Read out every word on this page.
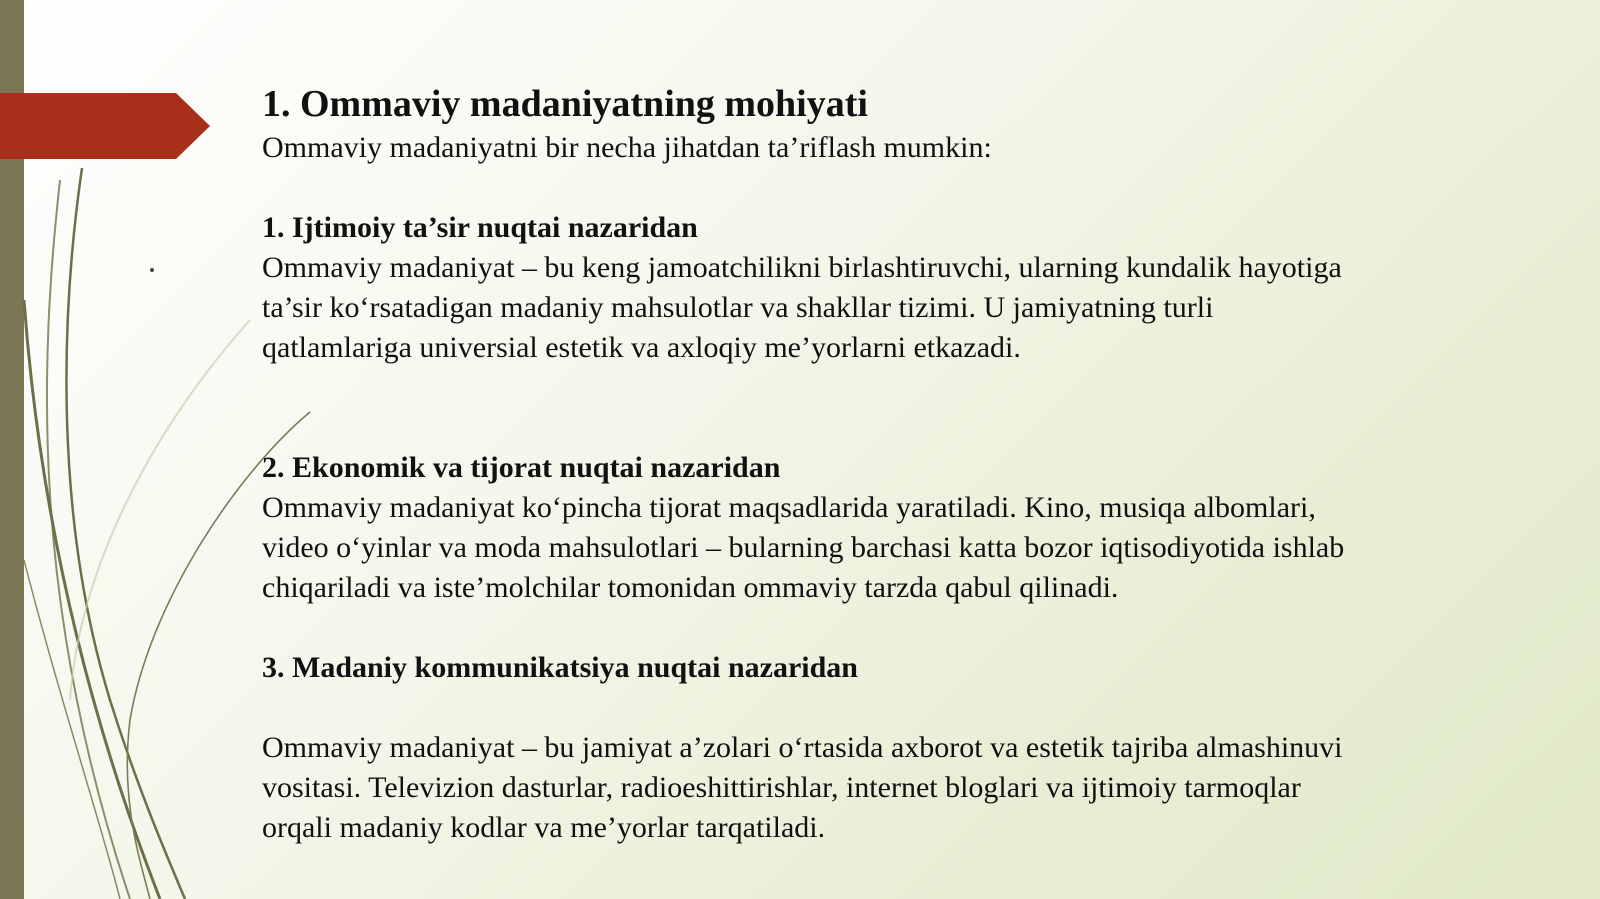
1. Ommaviy madaniyatning mohiyati
Ommaviy madaniyatni bir necha jihatdan ta’riflash mumkin:
1. Ijtimoiy ta’sir nuqtai nazaridan
Ommaviy madaniyat – bu keng jamoatchilikni birlashtiruvchi, ularning kundalik hayotiga
ta’sir ko‘rsatadigan madaniy mahsulotlar va shakllar tizimi. U jamiyatning turli
qatlamlariga universial estetik va axloqiy me’yorlarni etkazadi.
2. Ekonomik va tijorat nuqtai nazaridan
Ommaviy madaniyat ko‘pincha tijorat maqsadlarida yaratiladi. Kino, musiqa albomlari,
video o‘yinlar va moda mahsulotlari – bularning barchasi katta bozor iqtisodiyotida ishlab
chiqariladi va iste’molchilar tomonidan ommaviy tarzda qabul qilinadi.
3. Madaniy kommunikatsiya nuqtai nazaridan
Ommaviy madaniyat – bu jamiyat a’zolari o‘rtasida axborot va estetik tajriba almashinuvi
vositasi. Televizion dasturlar, radioeshittirishlar, internet bloglari va ijtimoiy tarmoqlar
orqali madaniy kodlar va me’yorlar tarqatiladi.
